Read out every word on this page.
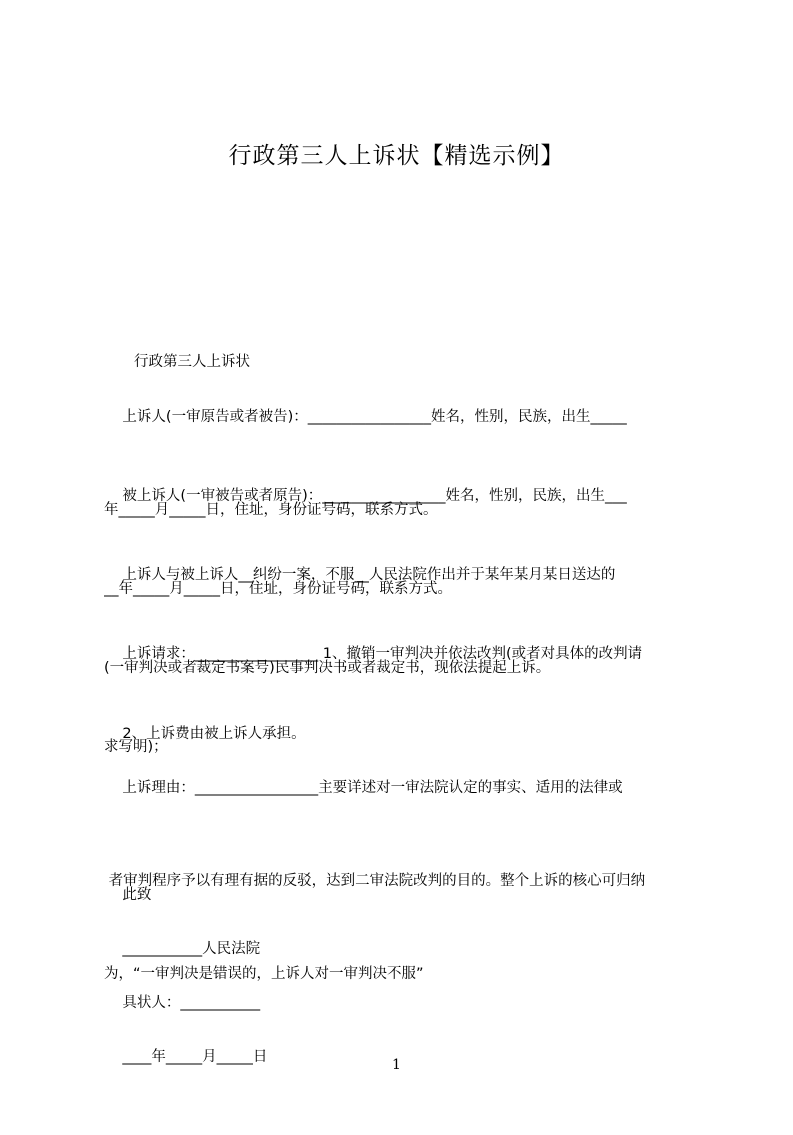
行政第三人上诉状【精选示例】

行政第三人上诉状

上诉人(一审原告或者被告)：_________________姓名，性别，民族，出生_____

年_____月_____日，住址，身份证号码，联系方式。

被上诉人(一审被告或者原告)：_________________姓名，性别，民族，出生___

__年_____月_____日，住址，身份证号码，联系方式。

上诉人与被上诉人__纠纷一案，不服__人民法院作出并于某年某月某日送达的

(一审判决或者裁定书案号)民事判决书或者裁定书，现依法提起上诉。

上诉请求：_________________ 1、撤销一审判决并依法改判(或者对具体的改判请

求写明)；

2、上诉费由被上诉人承担。

上诉理由：_________________主要详述对一审法院认定的事实、适用的法律或

者审判程序予以有理有据的反驳，达到二审法院改判的目的。整个上诉的核心可归纳

为，“一审判决是错误的，上诉人对一审判决不服”

此致

___________人民法院

具状人：___________

____年_____月_____日

	1
